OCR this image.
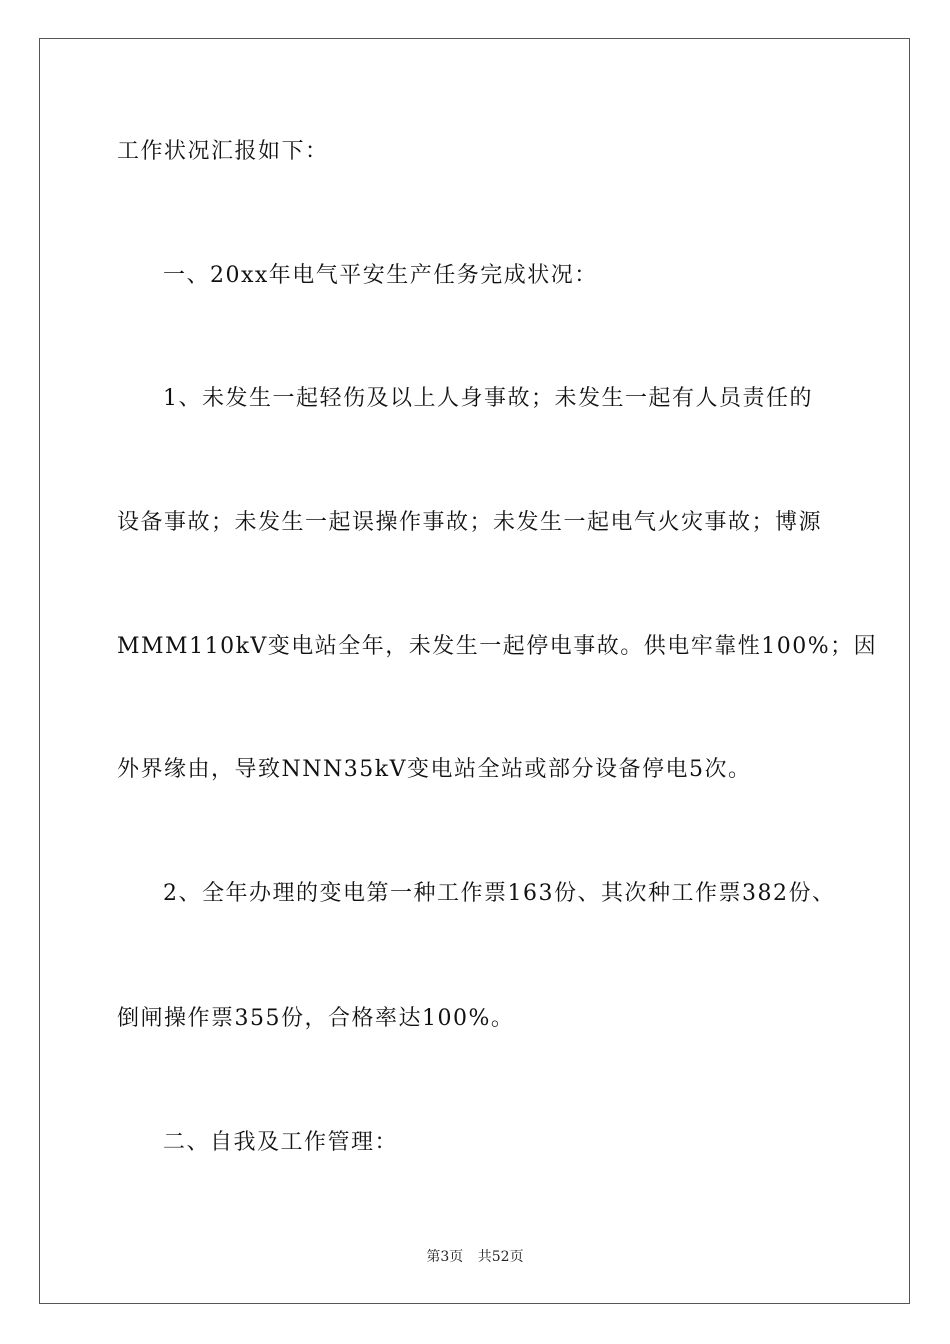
工作状况汇报如下：
一、20xx年电气平安生产任务完成状况：
1、未发生一起轻伤及以上人身事故；未发生一起有人员责任的
设备事故；未发生一起误操作事故；未发生一起电气火灾事故；博源
MMM110kV变电站全年，未发生一起停电事故。供电牢靠性100%；因
外界缘由，导致NNN35kV变电站全站或部分设备停电5次。
2、全年办理的变电第一种工作票163份、其次种工作票382份、
倒闸操作票355份，合格率达100%。
二、自我及工作管理：
第3页 共52页
